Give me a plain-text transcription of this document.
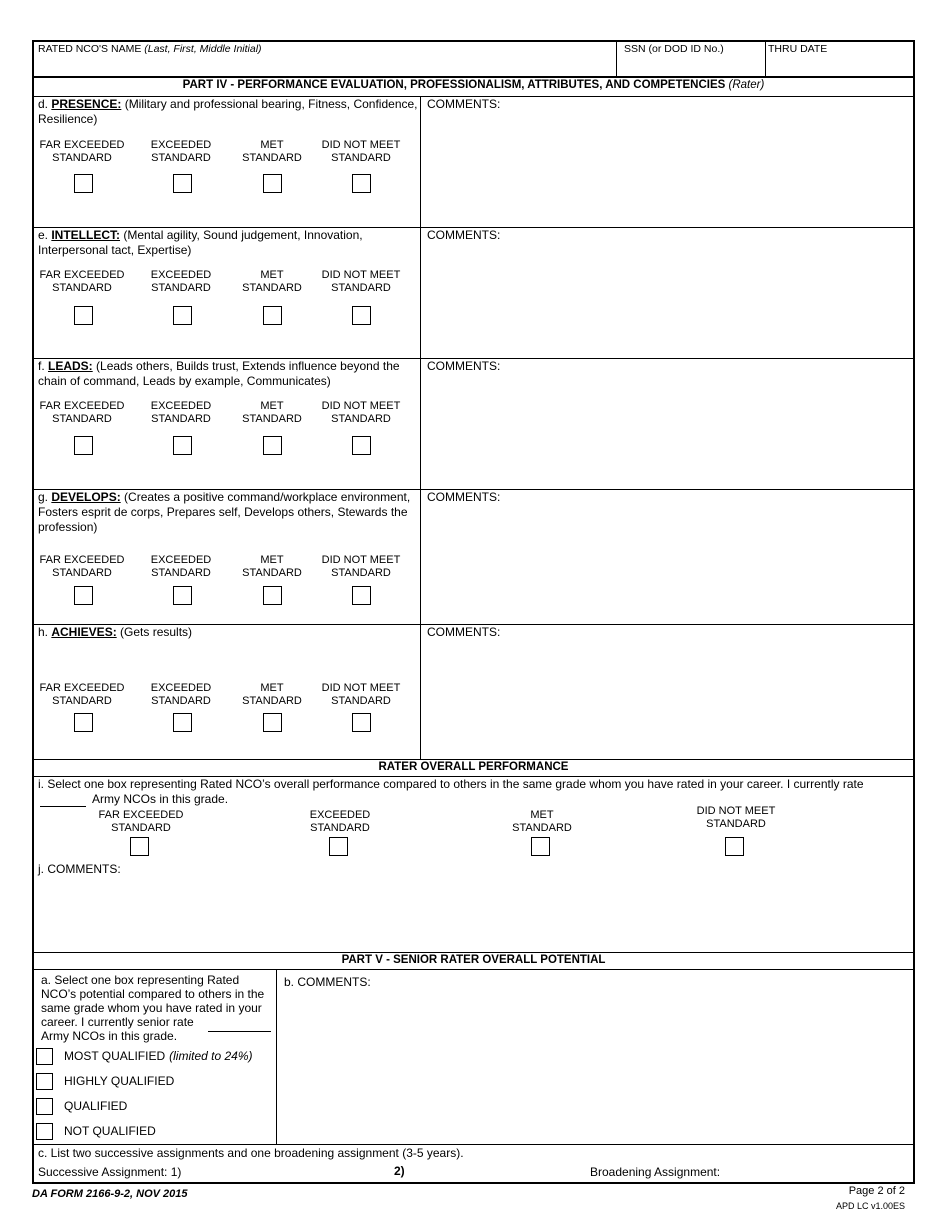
RATED NCO'S NAME (Last, First, Middle Initial)	SSN (or DOD ID No.)	THRU DATE
PART IV - PERFORMANCE EVALUATION, PROFESSIONALISM, ATTRIBUTES, AND COMPETENCIES (Rater)
d. PRESENCE: (Military and professional bearing, Fitness, Confidence, Resilience)
FAR EXCEEDED
STANDARD
EXCEEDED
STANDARD
MET
STANDARD
DID NOT MEET
STANDARD
COMMENTS:
e. INTELLECT: (Mental agility, Sound judgement, Innovation, Interpersonal tact, Expertise)
FAR EXCEEDED
STANDARD
EXCEEDED
STANDARD
MET
STANDARD
DID NOT MEET
STANDARD
COMMENTS:
f. LEADS: (Leads others, Builds trust, Extends influence beyond the chain of command, Leads by example, Communicates)
FAR EXCEEDED
STANDARD
EXCEEDED
STANDARD
MET
STANDARD
DID NOT MEET
STANDARD
COMMENTS:
g. DEVELOPS: (Creates a positive command/workplace environment, Fosters esprit de corps, Prepares self, Develops others, Stewards the profession)
FAR EXCEEDED
STANDARD
EXCEEDED
STANDARD
MET
STANDARD
DID NOT MEET
STANDARD
COMMENTS:
h. ACHIEVES: (Gets results)
FAR EXCEEDED
STANDARD
EXCEEDED
STANDARD
MET
STANDARD
DID NOT MEET
STANDARD
COMMENTS:
RATER OVERALL PERFORMANCE
i. Select one box representing Rated NCO’s overall performance compared to others in the same grade whom you have rated in your career. I currently rate
Army NCOs in this grade.
FAR EXCEEDED
STANDARD
EXCEEDED
STANDARD
MET
STANDARD
DID NOT MEET
STANDARD
j. COMMENTS:
PART V - SENIOR RATER OVERALL POTENTIAL
a. Select one box representing Rated
NCO’s potential compared to others in the
same grade whom you have rated in your
career. I currently senior rate
Army NCOs in this grade.
MOST QUALIFIED (limited to 24%)
HIGHLY QUALIFIED
QUALIFIED
NOT QUALIFIED
b. COMMENTS:
c. List two successive assignments and one broadening assignment (3-5 years).
Successive Assignment: 1)	2)	Broadening Assignment:
DA FORM 2166-9-2, NOV 2015	Page 2 of 2
APD LC v1.00ES
